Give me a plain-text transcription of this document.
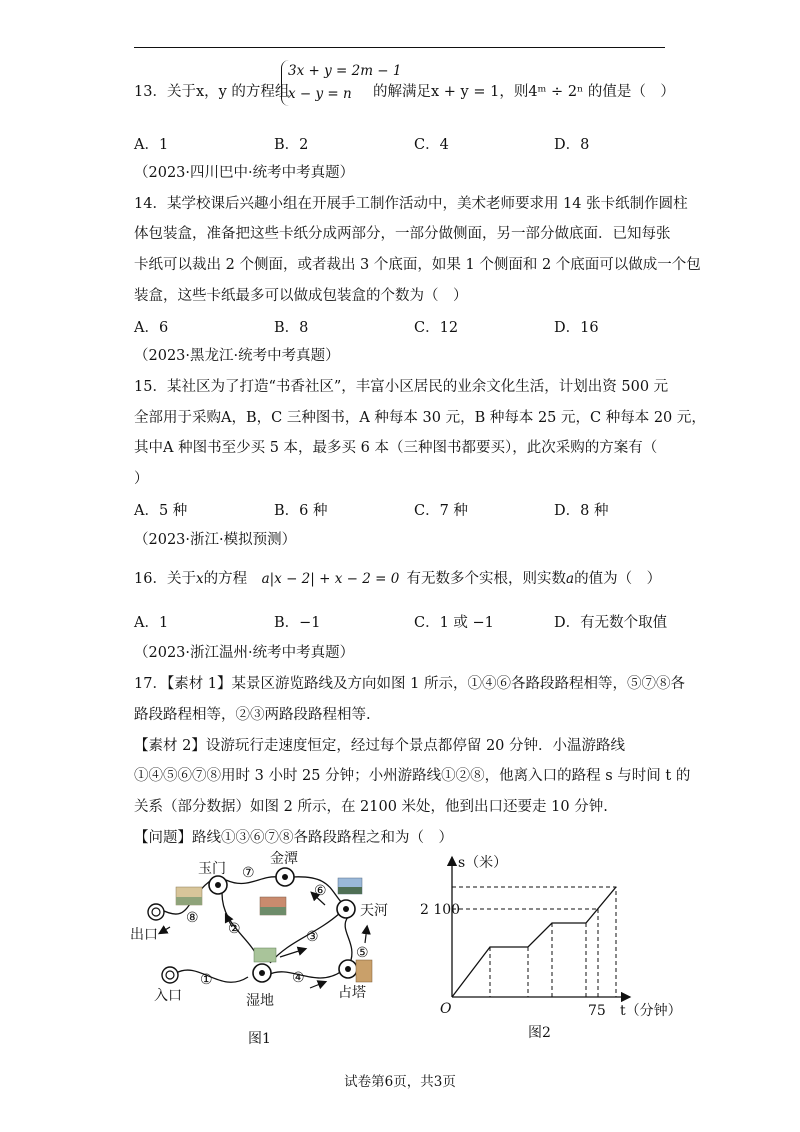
13．关于x，y 的方程组
3x + y = 2m − 1
x − y = n	的解满足x + y = 1，则4ᵐ ÷ 2ⁿ 的值是（　）
A．1	B．2	C．4	D．8
（2023·四川巴中·统考中考真题）
14．某学校课后兴趣小组在开展手工制作活动中，美术老师要求用 14 张卡纸制作圆柱
体包装盒，准备把这些卡纸分成两部分，一部分做侧面，另一部分做底面．已知每张
卡纸可以裁出 2 个侧面，或者裁出 3 个底面，如果 1 个侧面和 2 个底面可以做成一个包
装盒，这些卡纸最多可以做成包装盒的个数为（　）
A．6	B．8	C．12	D．16
（2023·黑龙江·统考中考真题）
15．某社区为了打造“书香社区”，丰富小区居民的业余文化生活，计划出资 500 元
全部用于采购A，B，C 三种图书，A 种每本 30 元，B 种每本 25 元，C 种每本 20 元，
其中A 种图书至少买 5 本，最多买 6 本（三种图书都要买），此次采购的方案有（
）
A．5 种	B．6 种	C．7 种	D．8 种
（2023·浙江·模拟预测）
16．关于x的方程  a|x − 2| + x − 2 = 0  有无数多个实根，则实数a的值为（　）
A．1	B．−1	C．1 或 −1	D．有无数个取值
（2023·浙江温州·统考中考真题）
17．【素材 1】某景区游览路线及方向如图 1 所示，①④⑥各路段路程相等，⑤⑦⑧各
路段路程相等，②③两路段路程相等.
【素材 2】设游玩行走速度恒定，经过每个景点都停留 20 分钟．小温游路线
①④⑤⑥⑦⑧用时 3 小时 25 分钟；小州游路线①②⑧，他离入口的路程 s 与时间 t 的
关系（部分数据）如图 2 所示，在 2100 米处，他到出口还要走 10 分钟.
【问题】路线①③⑥⑦⑧各路段路程之和为（　）
金潭
玉门
天河
出口
入口	湿地	占塔
①
②	③
④
⑤
⑥
⑦
⑧
图1
s（米）
2 100
O	75 t（分钟）
图2
试卷第6页，共3页
